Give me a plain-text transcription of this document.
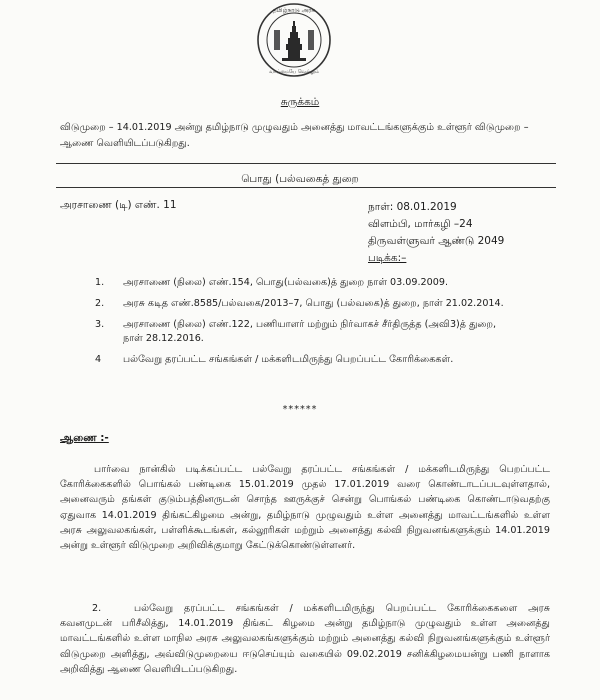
தமிழ்நாடு அரசு
வாய்மையே வெல்லும்
சுருக்கம்
விடுமுறை – 14.01.2019 அன்று தமிழ்நாடு முழுவதும் அனைத்து மாவட்டங்களுக்கும் உள்ளூர் விடுமுறை – ஆணை வெளியிடப்படுகிறது.
பொது (பல்வகைத் துறை
அரசாணை (டி) எண். 11	நாள்: 08.01.2019
விளம்பி, மார்கழி –24
திருவள்ளுவர் ஆண்டு 2049
படிக்க:–
1.	அரசாணை (நிலை) எண்.154, பொது(பல்வகை)த் துறை நாள் 03.09.2009.
2.	அரசு கடித எண்.8585/பல்வகை/2013–7, பொது (பல்வகை)த் துறை, நாள் 21.02.2014.
3.	அரசாணை (நிலை) எண்.122, பணியாளர் மற்றும் நிர்வாகச் சீர்திருத்த (அவி3)த் துறை, நாள் 28.12.2016.
4	பல்வேறு தரப்பட்ட சங்கங்கள் / மக்களிடமிருந்து பெறப்பட்ட கோரிக்கைகள்.
******
ஆணை :-
பார்வை நான்கில் படிக்கப்பட்ட பல்வேறு தரப்பட்ட சங்கங்கள் / மக்களிடமிருந்து பெறப்பட்ட கோரிக்கைகளில் பொங்கல் பண்டிகை 15.01.2019 முதல் 17.01.2019 வரை கொண்டாடப்படவுள்ளதால், அனைவரும் தங்கள் குடும்பத்தினருடன் சொந்த ஊருக்குச் சென்று பொங்கல் பண்டிகை கொண்டாடுவதற்கு ஏதுவாக 14.01.2019 திங்கட்கிழமை அன்று, தமிழ்நாடு முழுவதும் உள்ள அனைத்து மாவட்டங்களில் உள்ள அரசு அலுவலகங்கள், பள்ளிக்கூடங்கள், கல்லூரிகள் மற்றும் அனைத்து கல்வி நிறுவனங்களுக்கும் 14.01.2019 அன்று உள்ளூர் விடுமுறை அறிவிக்குமாறு கேட்டுக்கொண்டுள்ளனர்.
2.	பல்வேறு தரப்பட்ட சங்கங்கள் / மக்களிடமிருந்து பெறப்பட்ட கோரிக்கைகளை அரசு கவனமுடன் பரிசீலித்து, 14.01.2019 திங்கட் கிழமை அன்று தமிழ்நாடு முழுவதும் உள்ள அனைத்து மாவட்டங்களில் உள்ள மாநில அரசு அலுவலகங்களுக்கும் மற்றும் அனைத்து கல்வி நிறுவனங்களுக்கும் உள்ளூர் விடுமுறை அளித்து, அவ்விடுமுறையை ஈடுசெய்யும் வகையில் 09.02.2019 சனிக்கிழமையன்று பணி நாளாக அறிவித்து ஆணை வெளியிடப்படுகிறது.
